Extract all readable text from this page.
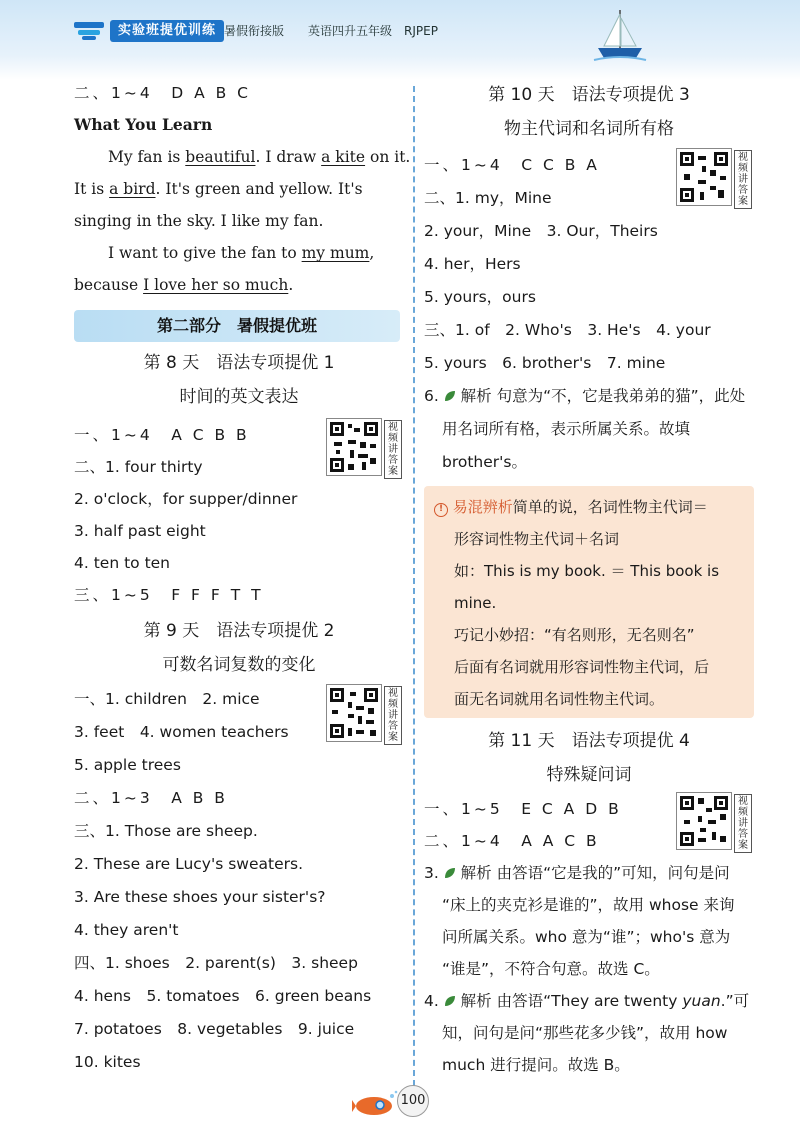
实验班提优训练 暑假衔接版 英语四升五年级 RJPEP
二、1~4　D A B C
What You Learn
My fan is beautiful. I draw a kite on it.
It is a bird. It's green and yellow. It's
singing in the sky. I like my fan.
I want to give the fan to my mum,
because I love her so much.
第二部分　暑假提优班
第 8 天　语法专项提优 1
时间的英文表达
一、1~4　A C B B
二、1. four thirty
2. o'clock，for supper/dinner
3. half past eight
4. ten to ten
三、1~5　F F F T T
第 9 天　语法专项提优 2
可数名词复数的变化
一、1. children　2. mice
3. feet　4. women teachers
5. apple trees
二、1~3　A B B
三、1. Those are sheep.
2. These are Lucy's sweaters.
3. Are these shoes your sister's?
4. they aren't
四、1. shoes　2. parent(s)　3. sheep
4. hens　5. tomatoes　6. green beans
7. potatoes　8. vegetables　9. juice
10. kites
视频讲答案
视频讲答案
第 10 天　语法专项提优 3
物主代词和名词所有格
一、1~4　C C B A
二、1. my，Mine
2. your，Mine　3. Our，Theirs
4. her，Hers
5. yours，ours
三、1. of　2. Who's　3. He's　4. your
5. yours　6. brother's　7. mine
6. 解析 句意为“不，它是我弟弟的猫”，此处
用名词所有格，表示所属关系。故填
brother's。
视频讲答案
! 易混辨析简单的说，名词性物主代词＝
形容词性物主代词＋名词
如：This is my book. ＝ This book is
mine.
巧记小妙招：“有名则形，无名则名”
后面有名词就用形容词性物主代词，后
面无名词就用名词性物主代词。
第 11 天　语法专项提优 4
特殊疑问词
一、1~5　E C A D B
二、1~4　A A C B
3. 解析 由答语“它是我的”可知，问句是问
“床上的夹克衫是谁的”，故用 whose 来询
问所属关系。who 意为“谁”；who's 意为
“谁是”，不符合句意。故选 C。
4. 解析 由答语“They are twenty yuan.”可
知，问句是问“那些花多少钱”，故用 how
much 进行提问。故选 B。
视频讲答案
100
